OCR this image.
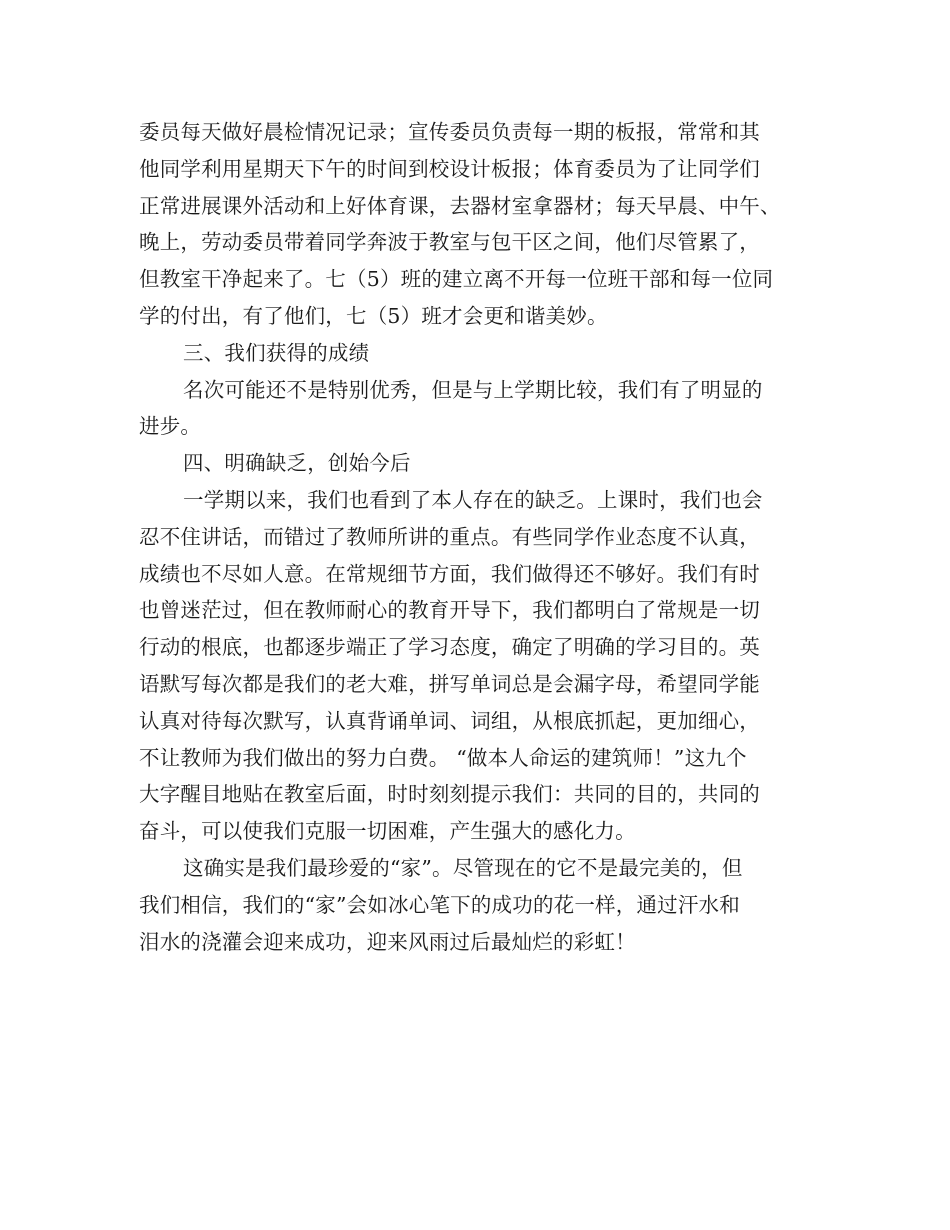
委员每天做好晨检情况记录；宣传委员负责每一期的板报，常常和其
他同学利用星期天下午的时间到校设计板报；体育委员为了让同学们
正常进展课外活动和上好体育课，去器材室拿器材；每天早晨、中午、
晚上，劳动委员带着同学奔波于教室与包干区之间，他们尽管累了，
但教室干净起来了。七（5）班的建立离不开每一位班干部和每一位同
学的付出，有了他们，七（5）班才会更和谐美妙。
三、我们获得的成绩
名次可能还不是特别优秀，但是与上学期比较，我们有了明显的
进步。
四、明确缺乏，创始今后
一学期以来，我们也看到了本人存在的缺乏。上课时，我们也会
忍不住讲话，而错过了教师所讲的重点。有些同学作业态度不认真，
成绩也不尽如人意。在常规细节方面，我们做得还不够好。我们有时
也曾迷茫过，但在教师耐心的教育开导下，我们都明白了常规是一切
行动的根底，也都逐步端正了学习态度，确定了明确的学习目的。英
语默写每次都是我们的老大难，拼写单词总是会漏字母，希望同学能
认真对待每次默写，认真背诵单词、词组，从根底抓起，更加细心，
不让教师为我们做出的努力白费。 “做本人命运的建筑师！”这九个
大字醒目地贴在教室后面，时时刻刻提示我们：共同的目的，共同的
奋斗，可以使我们克服一切困难，产生强大的感化力。
这确实是我们最珍爱的“家”。尽管现在的它不是最完美的，但
我们相信，我们的“家”会如冰心笔下的成功的花一样，通过汗水和
泪水的浇灌会迎来成功，迎来风雨过后最灿烂的彩虹！
